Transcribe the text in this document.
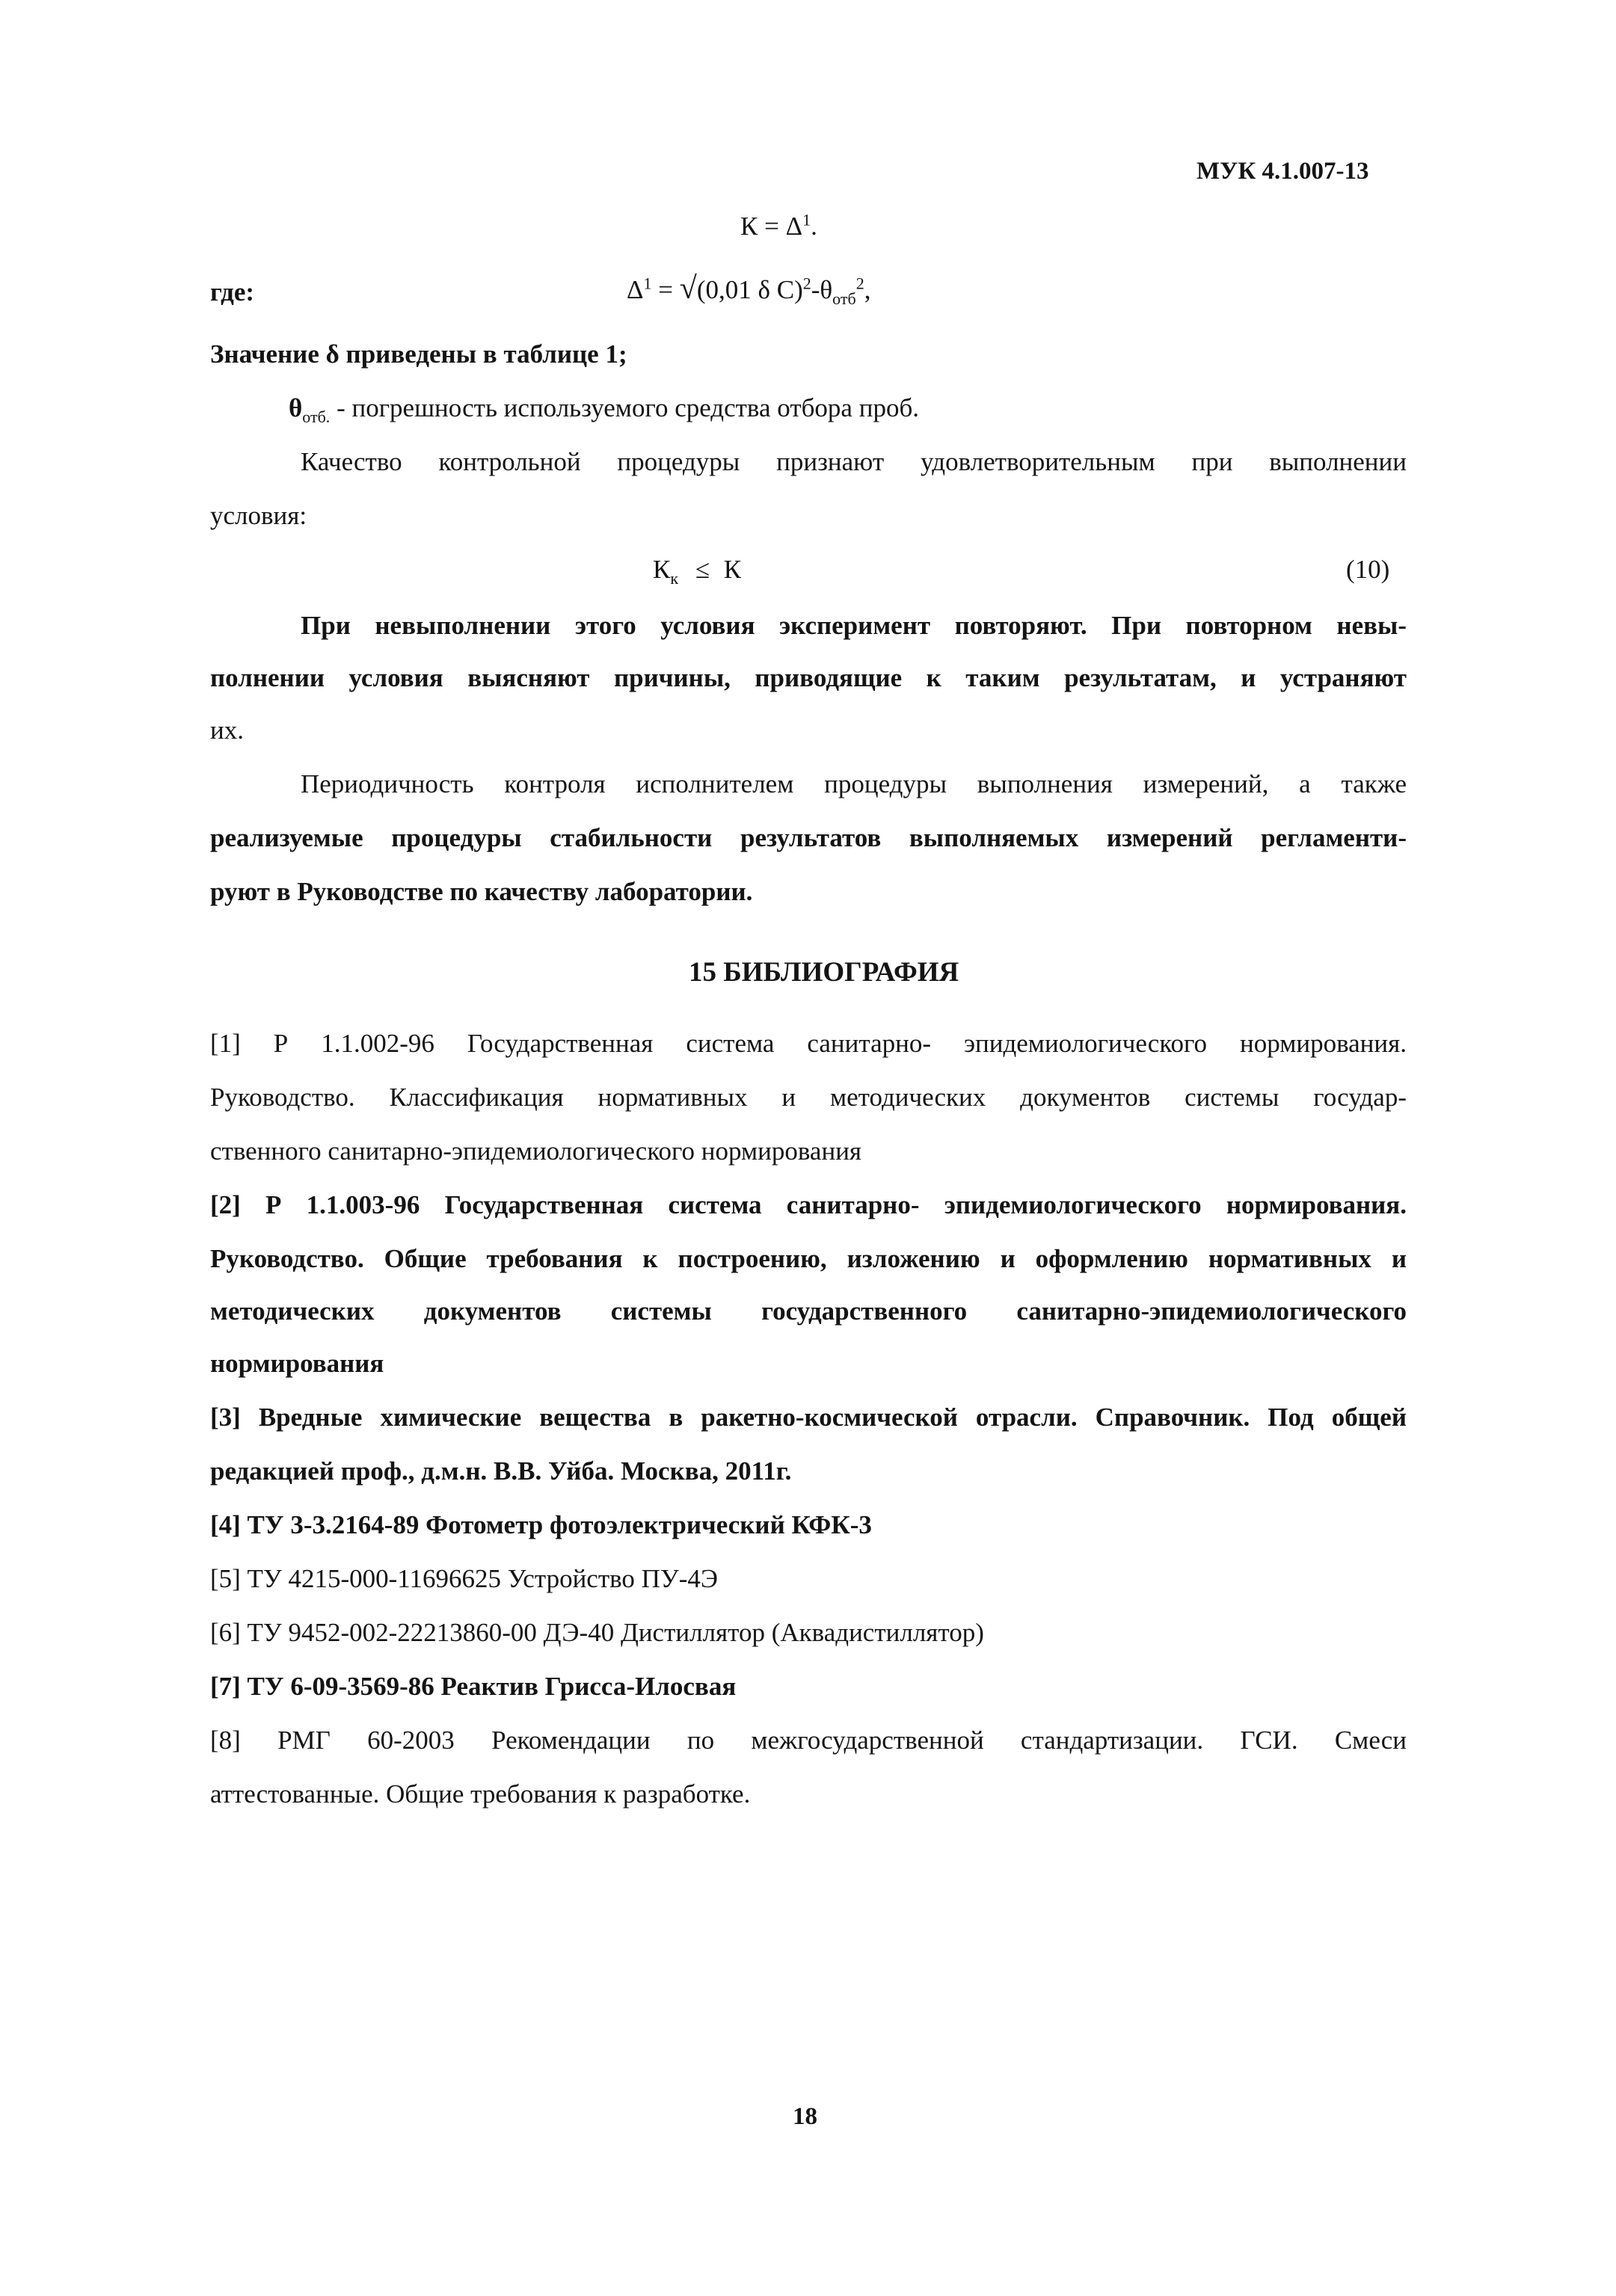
МУК 4.1.007-13
$К = \Delta^1$.
где:	$\Delta^1 = √(0,01$ δ $С)^2-\theta_{отб}^2$,
Значение δ приведены в таблице 1;
$\theta_{отб.}$ - погрешность используемого средства отбора проб.
Качество контрольной процедуры признают удовлетворительным при выполнении
условия:
$К_к \le К$	(10)
При невыполнении этого условия эксперимент повторяют. При повторном невы-
полнении условия выясняют причины, приводящие к таким результатам, и устраняют
их.
Периодичность контроля исполнителем процедуры выполнения измерений, а также
реализуемые процедуры стабильности результатов выполняемых измерений регламенти-
руют в Руководстве по качеству лаборатории.
15 БИБЛИОГРАФИЯ
[1] Р 1.1.002-96 Государственная система санитарно- эпидемиологического нормирования.
Руководство. Классификация нормативных и методических документов системы государ-
ственного санитарно-эпидемиологического нормирования
[2] Р 1.1.003-96 Государственная система санитарно- эпидемиологического нормирования.
Руководство. Общие требования к построению, изложению и оформлению нормативных и
методических документов системы государственного санитарно-эпидемиологического
нормирования
[3] Вредные химические вещества в ракетно-космической отрасли. Справочник. Под общей
редакцией проф., д.м.н. В.В. Уйба. Москва, 2011г.
[4] ТУ 3-3.2164-89 Фотометр фотоэлектрический КФК-3
[5] ТУ 4215-000-11696625 Устройство ПУ-4Э
[6] ТУ 9452-002-22213860-00 ДЭ-40 Дистиллятор (Аквадистиллятор)
[7] ТУ 6-09-3569-86 Реактив Грисса-Илосвая
[8] РМГ 60-2003 Рекомендации по межгосударственной стандартизации. ГСИ. Смеси
аттестованные. Общие требования к разработке.
18
